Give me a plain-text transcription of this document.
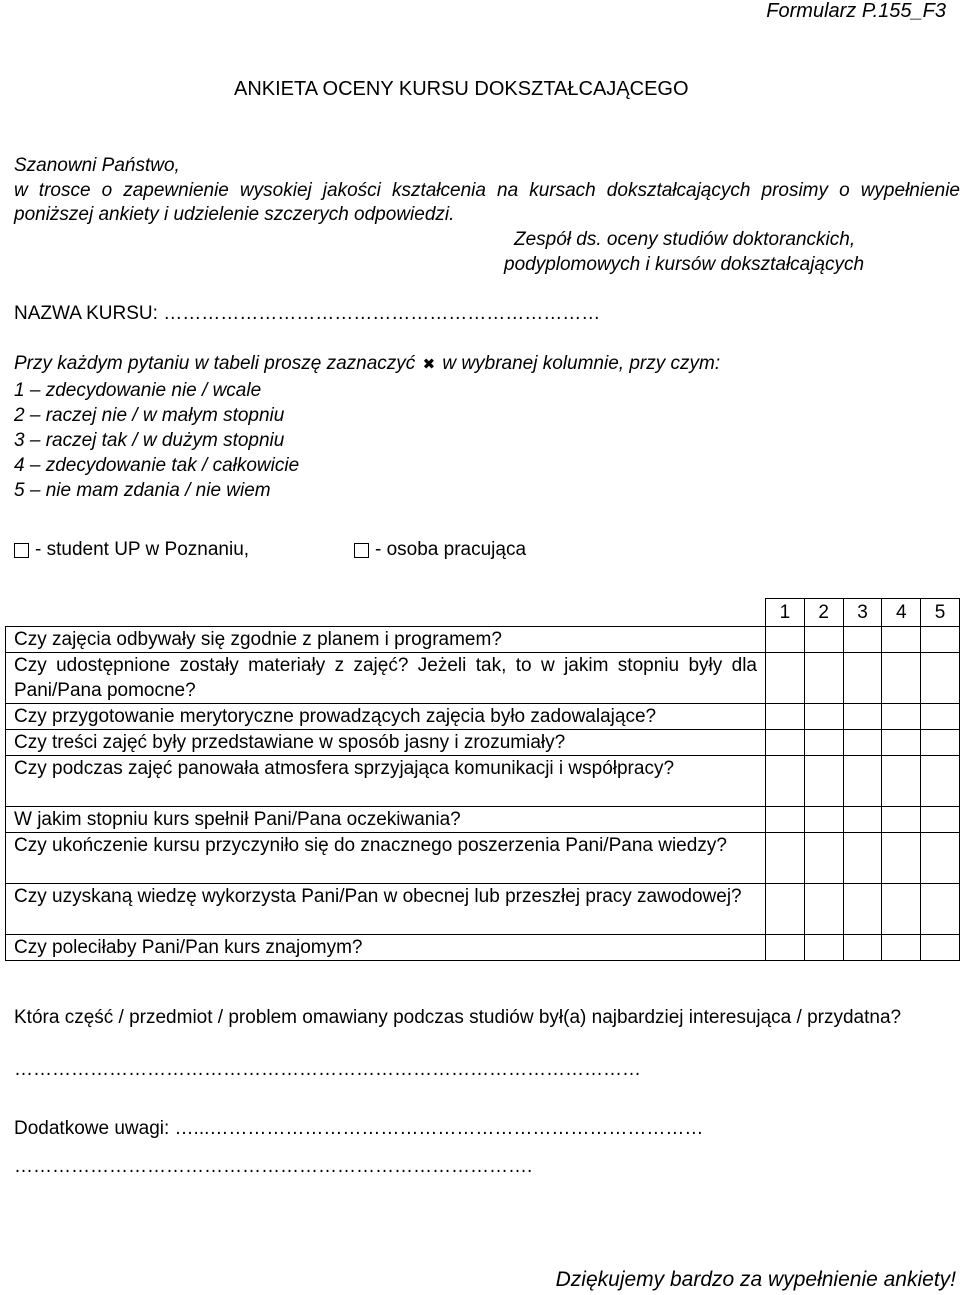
Formularz P.155_F3
ANKIETA OCENY KURSU DOKSZTAŁCAJĄCEGO
Szanowni Państwo,
w trosce o zapewnienie wysokiej jakości kształcenia na kursach dokształcających prosimy o wypełnienie poniższej ankiety i udzielenie szczerych odpowiedzi.
Zespół ds. oceny studiów doktoranckich,
podyplomowych i kursów dokształcających
NAZWA KURSU: ……………………………………………………………
Przy każdym pytaniu w tabeli proszę zaznaczyć ✖ w wybranej kolumnie, przy czym:
1 – zdecydowanie nie / wcale
2 – raczej nie / w małym stopniu
3 – raczej tak / w dużym stopniu
4 – zdecydowanie tak / całkowicie
5 – nie mam zdania / nie wiem
- student UP w Poznaniu,	- osoba pracująca
	1	2	3	4	5
Czy zajęcia odbywały się zgodnie z planem i programem?					
Czy udostępnione zostały materiały z zajęć? Jeżeli tak, to w jakim stopniu były dla Pani/Pana pomocne?					
Czy przygotowanie merytoryczne prowadzących zajęcia było zadowalające?					
Czy treści zajęć były przedstawiane w sposób jasny i zrozumiały?					
Czy podczas zajęć panowała atmosfera sprzyjająca komunikacji i współpracy?					
W jakim stopniu kurs spełnił Pani/Pana oczekiwania?					
Czy ukończenie kursu przyczyniło się do znacznego poszerzenia Pani/Pana wiedzy?					
Czy uzyskaną wiedzę wykorzysta Pani/Pan w obecnej lub przeszłej pracy zawodowej?					
Czy poleciłaby Pani/Pan kurs znajomym?					
Która część / przedmiot / problem omawiany podczas studiów był(a) najbardziej interesująca / przydatna?
………………………………………………………………………………………
Dodatkowe uwagi: …...……………………………………………………………………
……………………………………………………………………….
Dziękujemy bardzo za wypełnienie ankiety!
